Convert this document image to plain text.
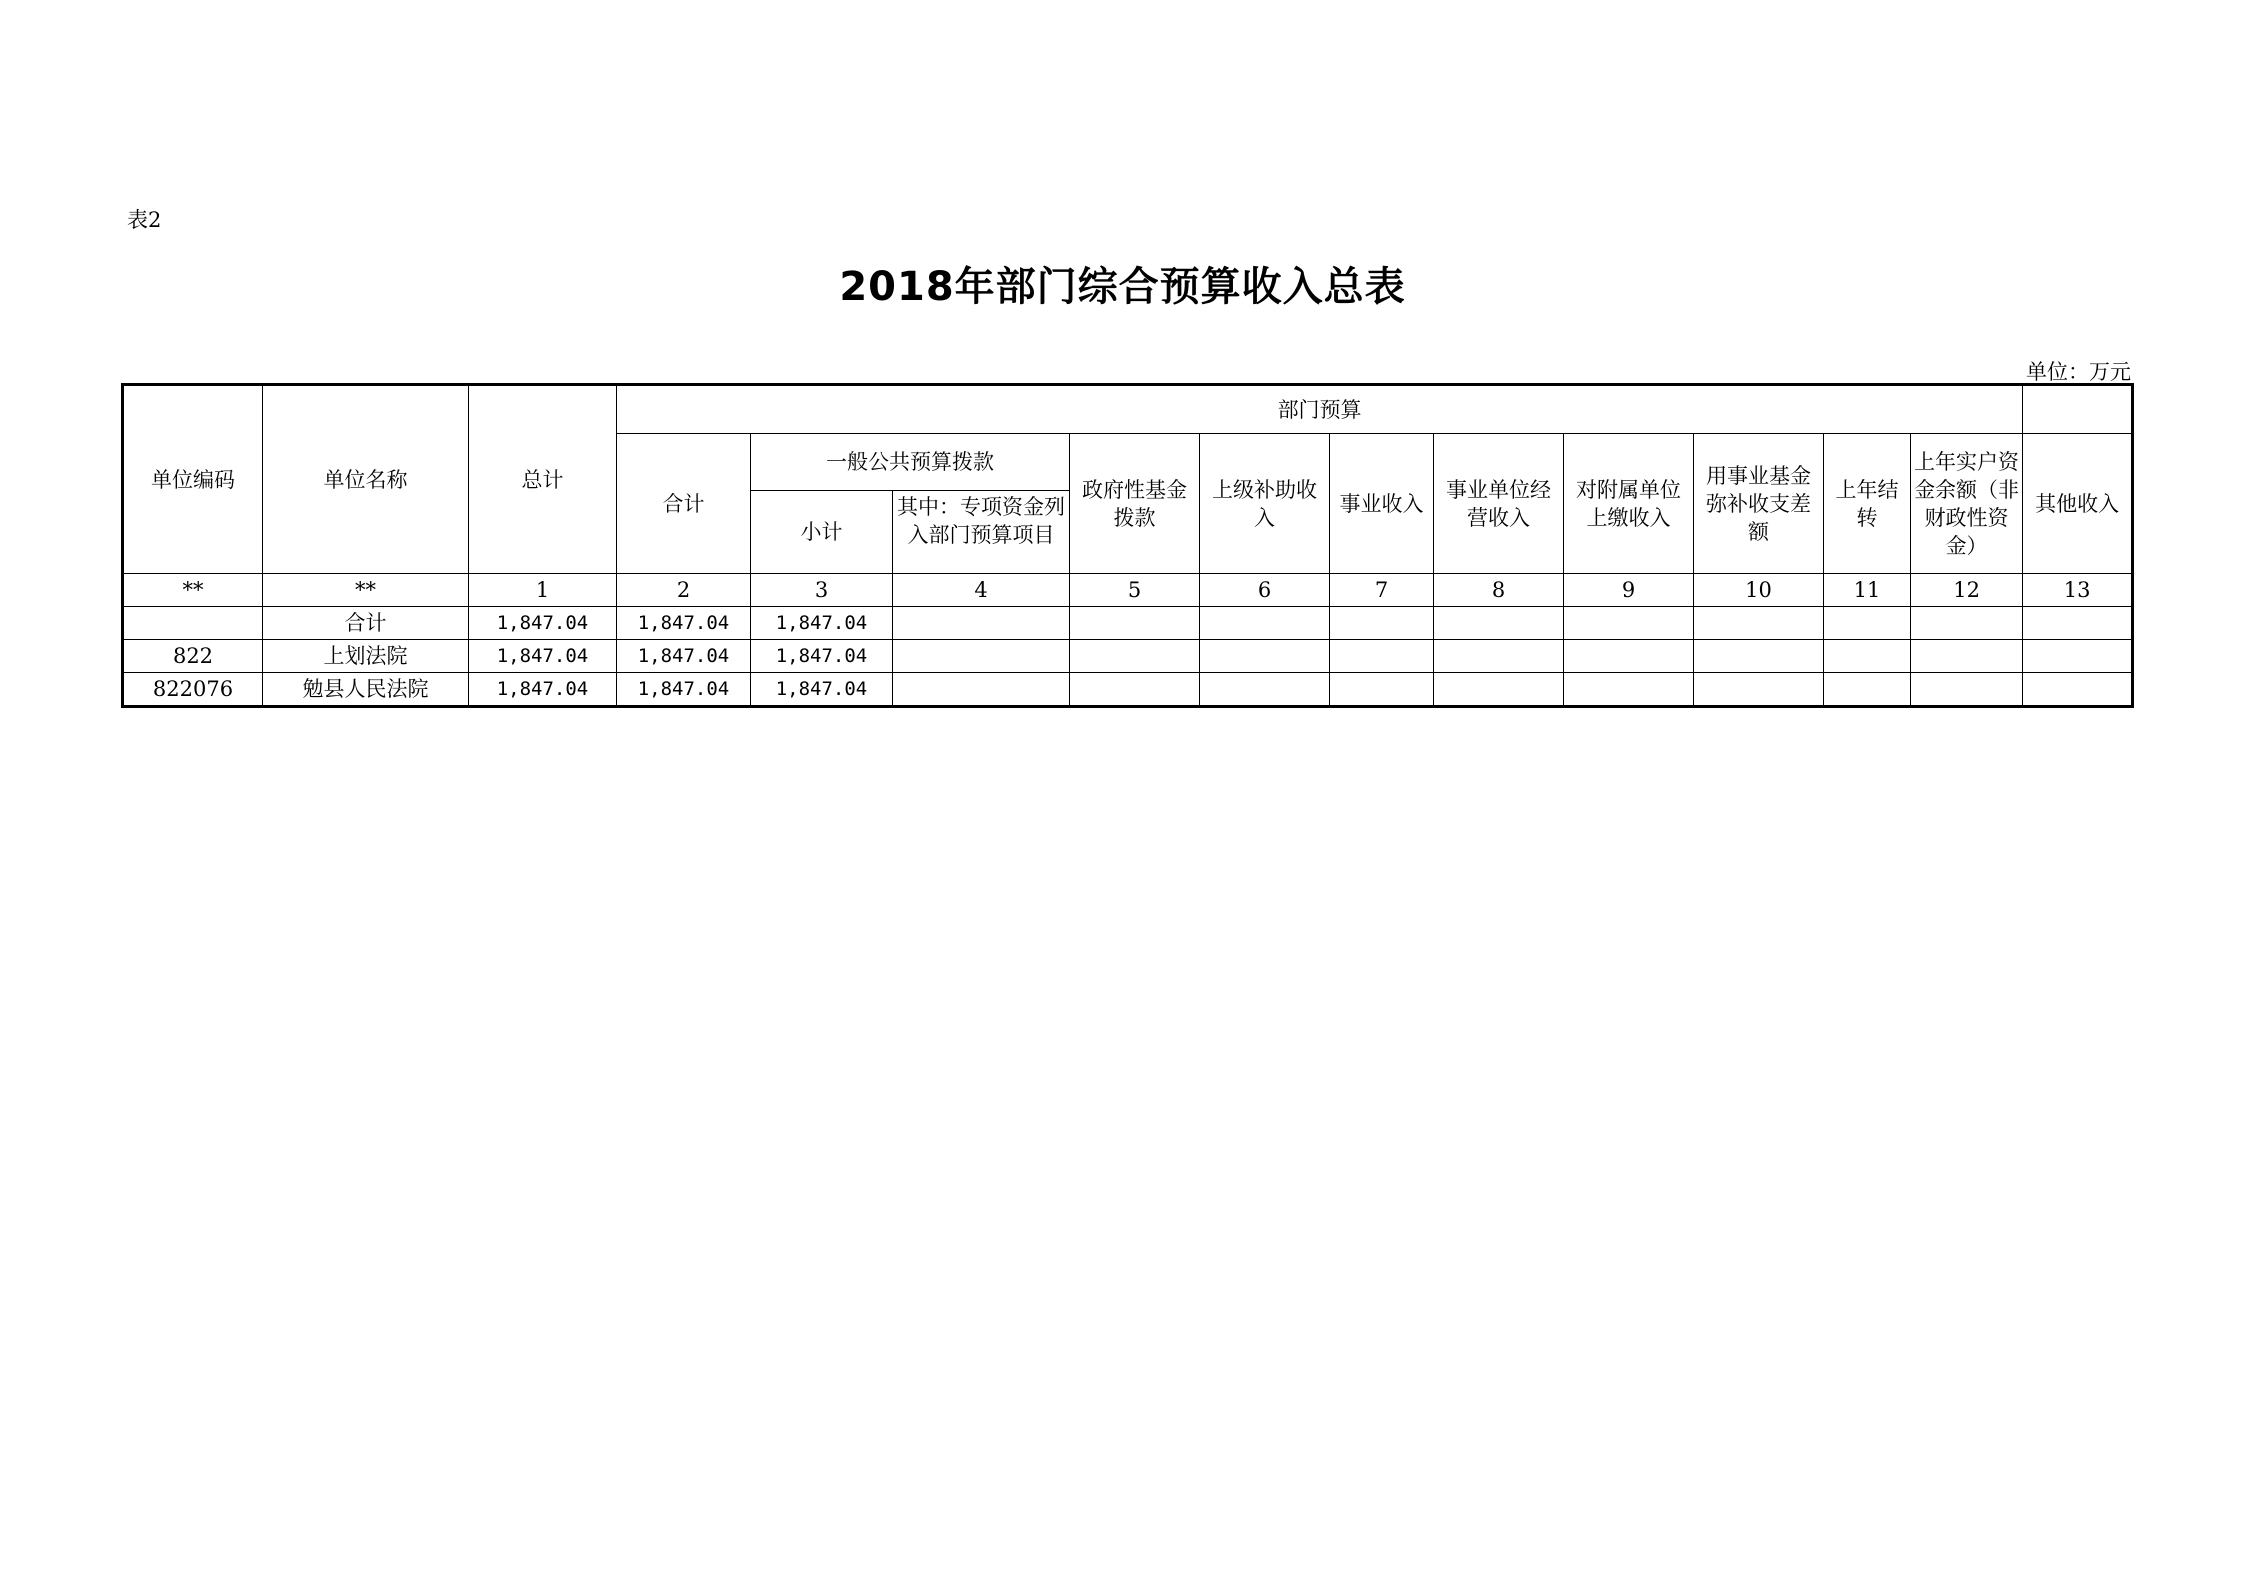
表2
2018年部门综合预算收入总表
单位：万元
单位编码	单位名称	总计	部门预算											
			合计	一般公共预算拨款		政府性基金拨款	上级补助收入	事业收入	事业单位经营收入	对附属单位上缴收入	用事业基金弥补收支差额	上年结转	上年实户资金余额（非财政性资金）	其他收入
				小计	其中：专项资金列入部门预算项目									

**	**	1	2	3	4	5	6	7	8	9	10	11	12	13
	合计	1,847.04	1,847.04	1,847.04										
822	上划法院	1,847.04	1,847.04	1,847.04										
822076	勉县人民法院	1,847.04	1,847.04	1,847.04										
